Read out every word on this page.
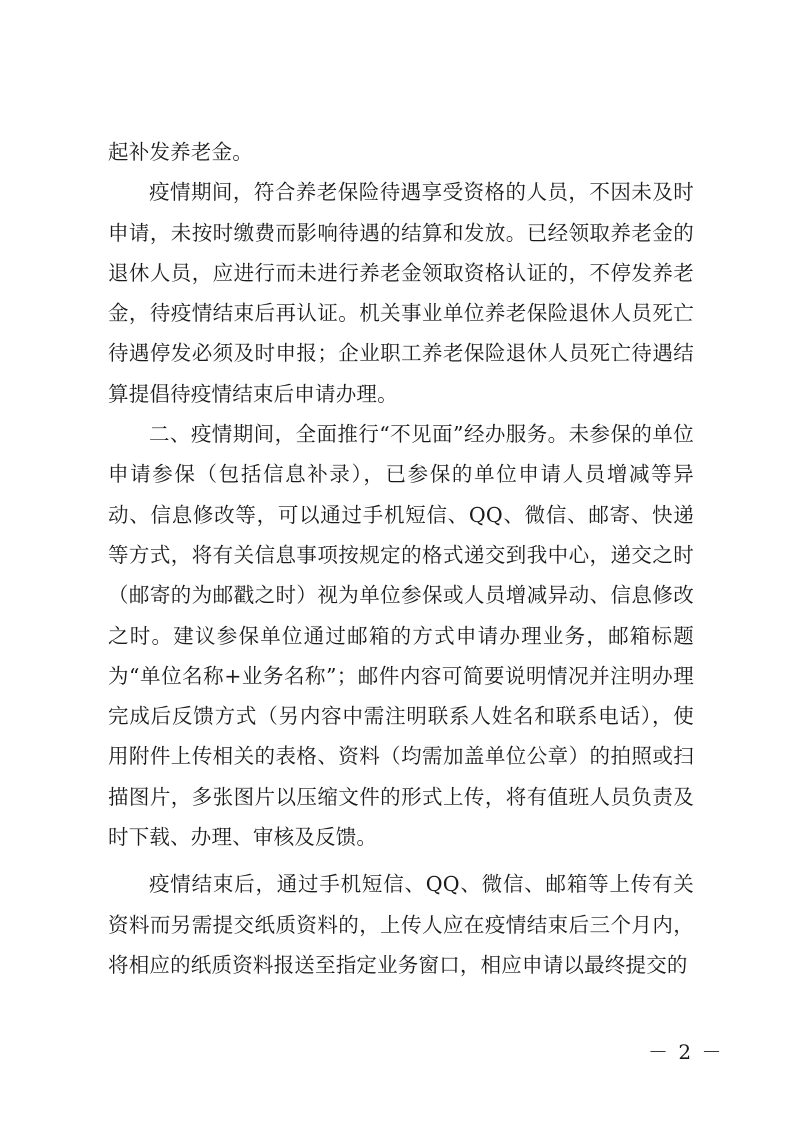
起补发养老金。

疫情期间，符合养老保险待遇享受资格的人员，不因未及时申请，未按时缴费而影响待遇的结算和发放。已经领取养老金的退休人员，应进行而未进行养老金领取资格认证的，不停发养老金，待疫情结束后再认证。机关事业单位养老保险退休人员死亡待遇停发必须及时申报；企业职工养老保险退休人员死亡待遇结算提倡待疫情结束后申请办理。

二、疫情期间，全面推行“不见面”经办服务。未参保的单位申请参保（包括信息补录），已参保的单位申请人员增减等异动、信息修改等，可以通过手机短信、QQ、微信、邮寄、快递等方式，将有关信息事项按规定的格式递交到我中心，递交之时（邮寄的为邮戳之时）视为单位参保或人员增减异动、信息修改之时。建议参保单位通过邮箱的方式申请办理业务，邮箱标题为“单位名称+业务名称”；邮件内容可简要说明情况并注明办理完成后反馈方式（另内容中需注明联系人姓名和联系电话），使用附件上传相关的表格、资料（均需加盖单位公章）的拍照或扫描图片，多张图片以压缩文件的形式上传，将有值班人员负责及时下载、办理、审核及反馈。

疫情结束后，通过手机短信、QQ、微信、邮箱等上传有关资料而另需提交纸质资料的，上传人应在疫情结束后三个月内，将相应的纸质资料报送至指定业务窗口，相应申请以最终提交的

－ 2 －
